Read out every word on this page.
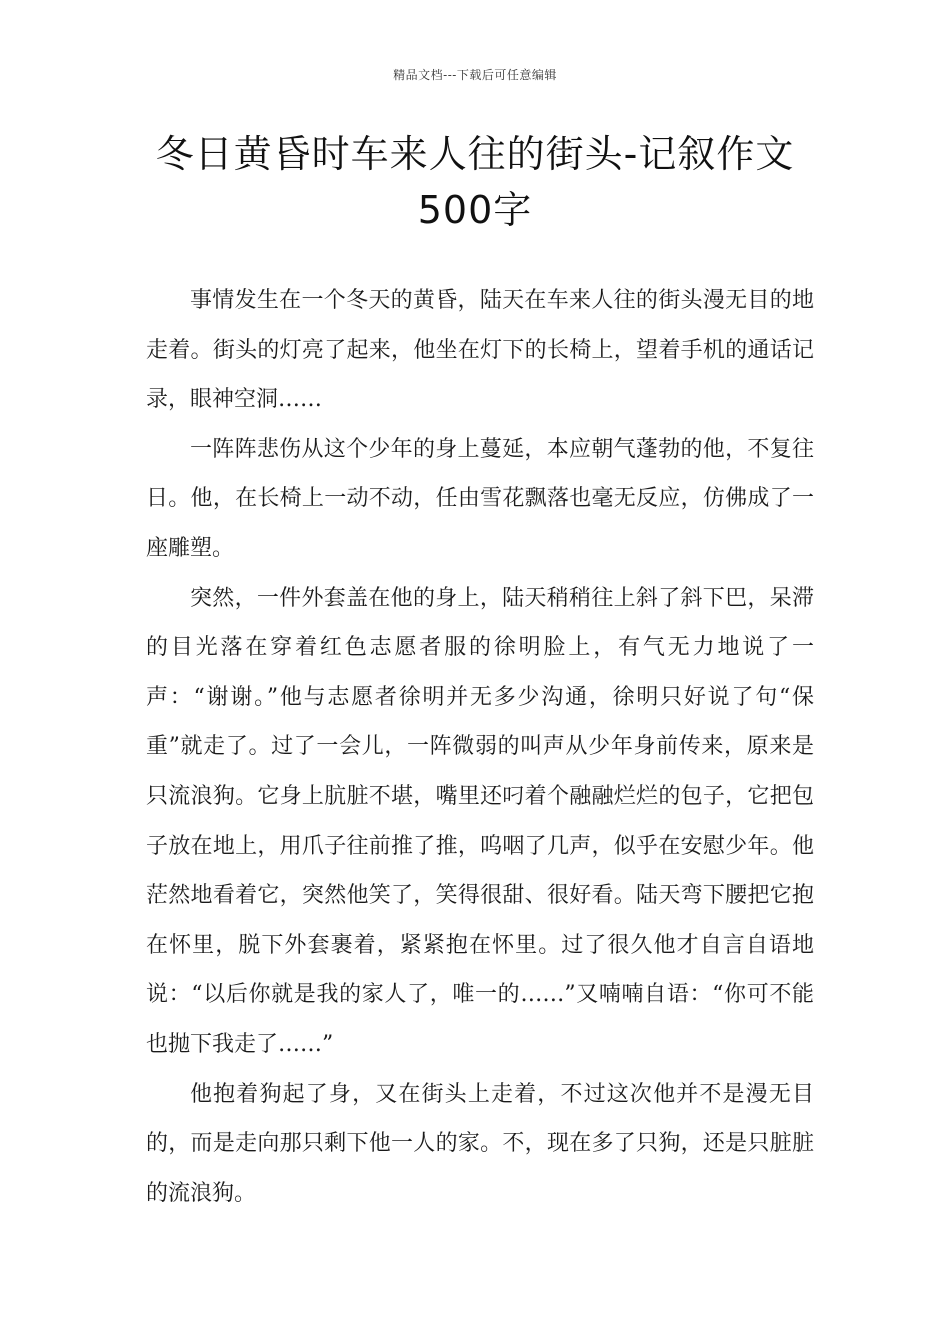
精品文档---下载后可任意编辑
冬日黄昏时车来人往的街头-记叙作文
500字

事情发生在一个冬天的黄昏，陆天在车来人往的街头漫无目的地走着。街头的灯亮了起来，他坐在灯下的长椅上，望着手机的通话记录，眼神空洞……

一阵阵悲伤从这个少年的身上蔓延，本应朝气蓬勃的他，不复往日。他，在长椅上一动不动，任由雪花飘落也毫无反应，仿佛成了一座雕塑。

突然，一件外套盖在他的身上，陆天稍稍往上斜了斜下巴，呆滞的目光落在穿着红色志愿者服的徐明脸上，有气无力地说了一声：“谢谢。”他与志愿者徐明并无多少沟通，徐明只好说了句“保重”就走了。过了一会儿，一阵微弱的叫声从少年身前传来，原来是只流浪狗。它身上肮脏不堪，嘴里还叼着个融融烂烂的包子，它把包子放在地上，用爪子往前推了推，呜咽了几声，似乎在安慰少年。他茫然地看着它，突然他笑了，笑得很甜、很好看。陆天弯下腰把它抱在怀里，脱下外套裹着，紧紧抱在怀里。过了很久他才自言自语地说：“以后你就是我的家人了，唯一的……”又喃喃自语：“你可不能也抛下我走了……”

他抱着狗起了身，又在街头上走着，不过这次他并不是漫无目的，而是走向那只剩下他一人的家。不，现在多了只狗，还是只脏脏的流浪狗。
